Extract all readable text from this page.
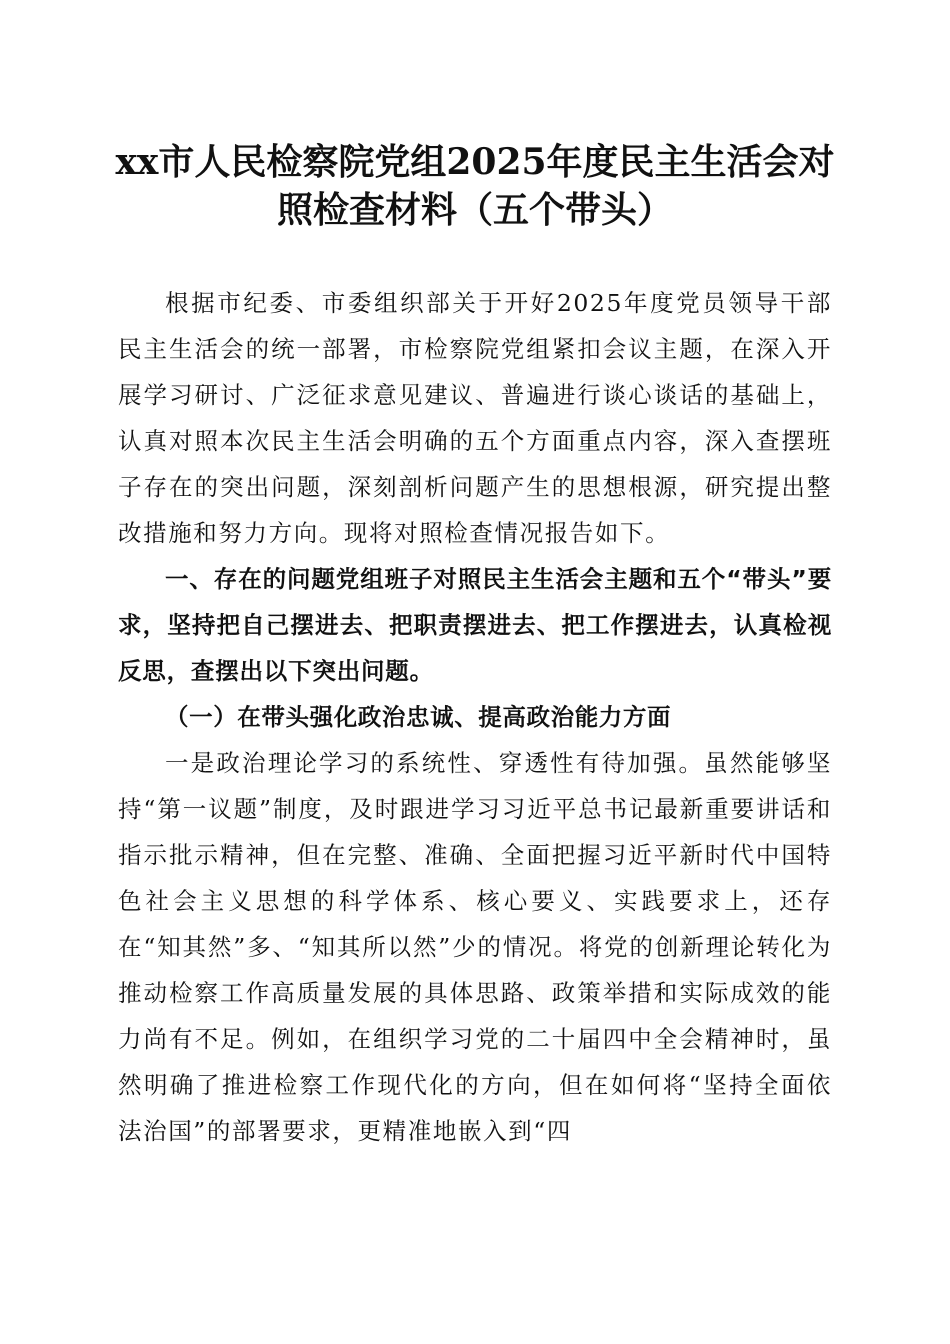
xx市人民检察院党组2025年度民主生活会对照检查材料（五个带头）

根据市纪委、市委组织部关于开好2025年度党员领导干部民主生活会的统一部署，市检察院党组紧扣会议主题，在深入开展学习研讨、广泛征求意见建议、普遍进行谈心谈话的基础上，认真对照本次民主生活会明确的五个方面重点内容，深入查摆班子存在的突出问题，深刻剖析问题产生的思想根源，研究提出整改措施和努力方向。现将对照检查情况报告如下。

一、存在的问题党组班子对照民主生活会主题和五个“带头”要求，坚持把自己摆进去、把职责摆进去、把工作摆进去，认真检视反思，查摆出以下突出问题。

（一）在带头强化政治忠诚、提高政治能力方面

一是政治理论学习的系统性、穿透性有待加强。虽然能够坚持“第一议题”制度，及时跟进学习习近平总书记最新重要讲话和指示批示精神，但在完整、准确、全面把握习近平新时代中国特色社会主义思想的科学体系、核心要义、实践要求上，还存在“知其然”多、“知其所以然”少的情况。将党的创新理论转化为推动检察工作高质量发展的具体思路、政策举措和实际成效的能力尚有不足。例如，在组织学习党的二十届四中全会精神时，虽然明确了推进检察工作现代化的方向，但在如何将“坚持全面依法治国”的部署要求，更精准地嵌入到“四
